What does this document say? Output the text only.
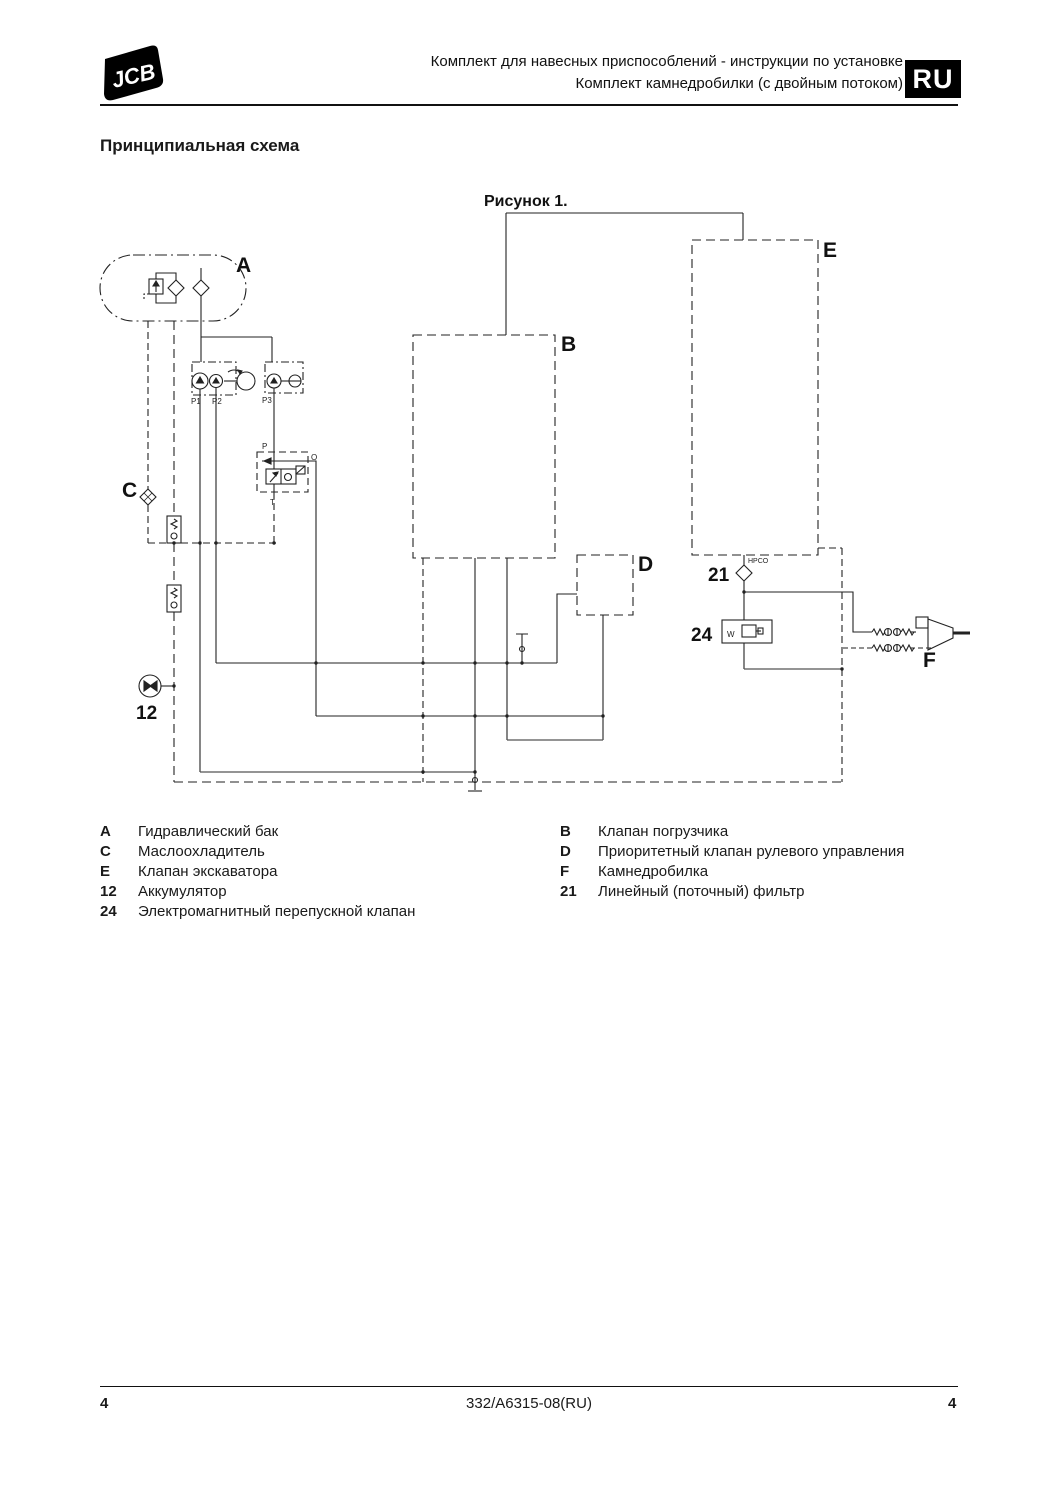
JCB	Комплект для навесных приспособлений - инструкции по установке
Комплект камнедробилки (с двойным потоком) RU
Принципиальная схема
Рисунок 1.
A
B
C
D
E
F
12
21
24
P1 P2	P3
P
T
O
HPCO
W
A Гидравлический бак
C Маслоохладитель
E Клапан экскаватора
12 Аккумулятор
24 Электромагнитный перепускной клапан
B Клапан погрузчика
D Приоритетный клапан рулевого управления
F Камнедробилка
21 Линейный (поточный) фильтр
4	332/A6315-08(RU)	4
